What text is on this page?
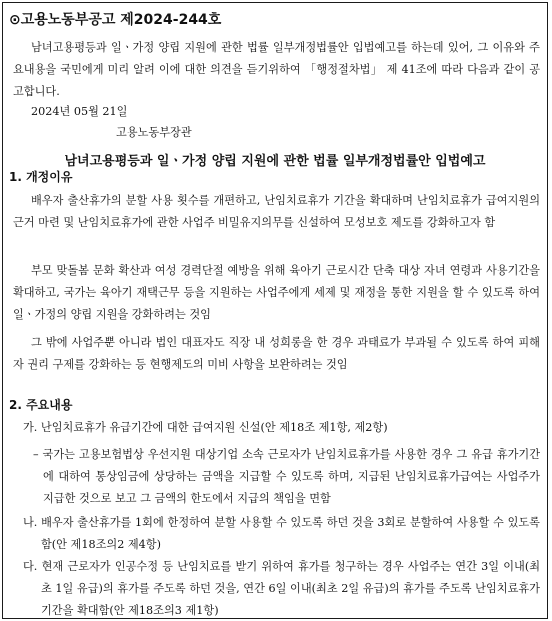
⊙고용노동부공고 제2024-244호
남녀고용평등과 일ㆍ가정 양립 지원에 관한 법률 일부개정법률안 입법예고를 하는데 있어, 그 이유와 주요내용을 국민에게 미리 알려 이에 대한 의견을 듣기위하여 「행정절차법」 제 41조에 따라 다음과 같이 공고합니다.
2024년 05월 21일
고용노동부장관
남녀고용평등과 일ㆍ가정 양립 지원에 관한 법률 일부개정법률안 입법예고
1. 개정이유
배우자 출산휴가의 분할 사용 횟수를 개편하고, 난임치료휴가 기간을 확대하며 난임치료휴가 급여지원의 근거 마련 및 난임치료휴가에 관한 사업주 비밀유지의무를 신설하여 모성보호 제도를 강화하고자 함
부모 맞돌봄 문화 확산과 여성 경력단절 예방을 위해 육아기 근로시간 단축 대상 자녀 연령과 사용기간을 확대하고, 국가는 육아기 재택근무 등을 지원하는 사업주에게 세제 및 재정을 통한 지원을 할 수 있도록 하여 일ㆍ가정의 양립 지원을 강화하려는 것임
그 밖에 사업주뿐 아니라 법인 대표자도 직장 내 성희롱을 한 경우 과태료가 부과될 수 있도록 하여 피해자 권리 구제를 강화하는 등 현행제도의 미비 사항을 보완하려는 것임
2. 주요내용
가. 난임치료휴가 유급기간에 대한 급여지원 신설(안 제18조 제1항, 제2항)
– 국가는 고용보험법상 우선지원 대상기업 소속 근로자가 난임치료휴가를 사용한 경우 그 유급 휴가기간에 대하여 통상임금에 상당하는 금액을 지급할 수 있도록 하며, 지급된 난임치료휴가급여는 사업주가 지급한 것으로 보고 그 금액의 한도에서 지급의 책임을 면함
나. 배우자 출산휴가를 1회에 한정하여 분할 사용할 수 있도록 하던 것을 3회로 분할하여 사용할 수 있도록 함(안 제18조의2 제4항)
다. 현재 근로자가 인공수정 등 난임치료를 받기 위하여 휴가를 청구하는 경우 사업주는 연간 3일 이내(최초 1일 유급)의 휴가를 주도록 하던 것을, 연간 6일 이내(최초 2일 유급)의 휴가를 주도록 난임치료휴가기간을 확대함(안 제18조의3 제1항)
